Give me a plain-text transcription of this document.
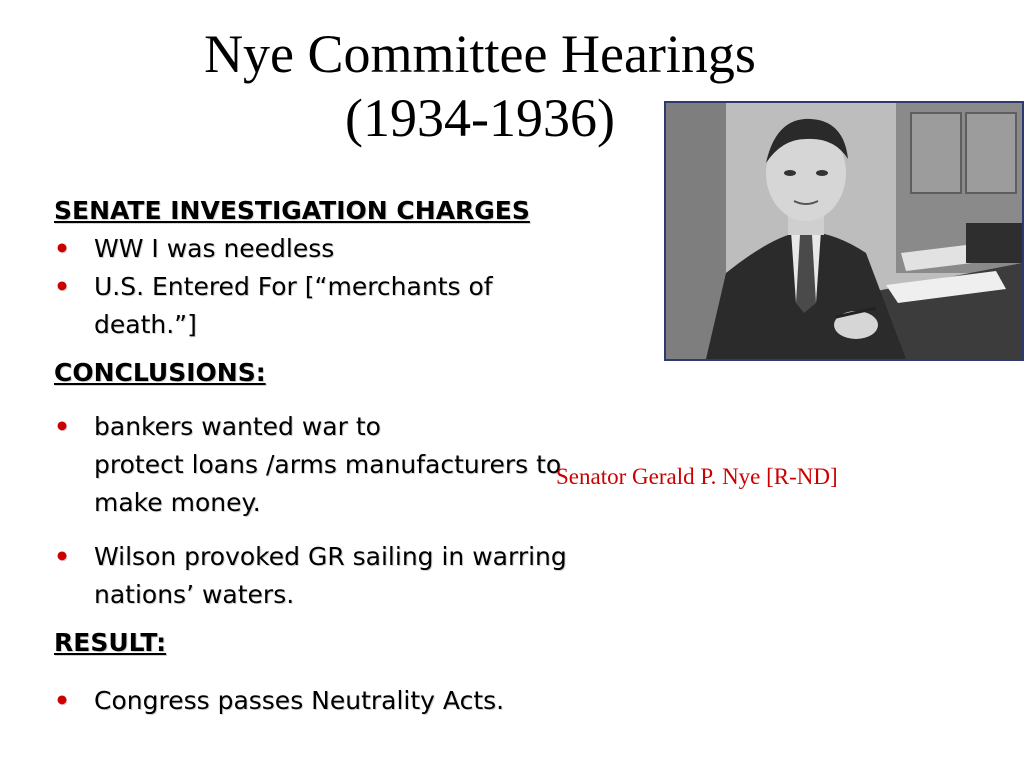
Nye Committee Hearings
(1934-1936)

SENATE INVESTIGATION CHARGES

• WW I was needless
• U.S. Entered For [“merchants of
death.”]

CONCLUSIONS:

• bankers wanted war to
protect loans /arms manufacturers to
make money.
• Wilson provoked GR sailing in warring
nations’ waters.

RESULT:

• Congress passes Neutrality Acts.
Senator Gerald P. Nye [R-ND]
